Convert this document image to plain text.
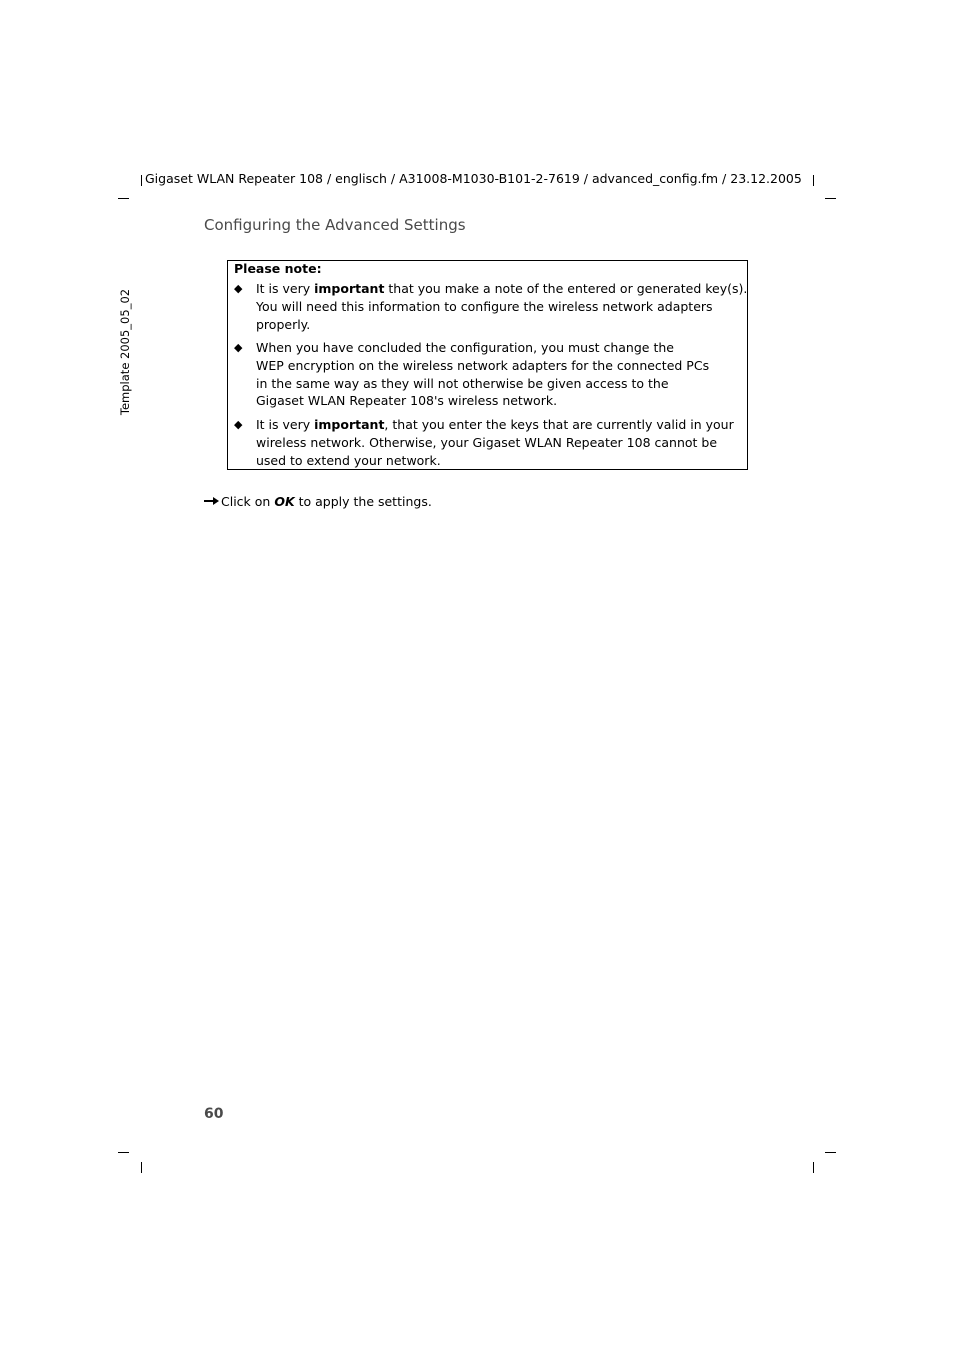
Gigaset WLAN Repeater 108 / englisch / A31008-M1030-B101-2-7619 / advanced_config.fm / 23.12.2005
Template 2005_05_02
Configuring the Advanced Settings
Please note:
◆ It is very important that you make a note of the entered or generated key(s).
You will need this information to configure the wireless network adapters
properly.
◆ When you have concluded the configuration, you must change the
WEP encryption on the wireless network adapters for the connected PCs
in the same way as they will not otherwise be given access to the
Gigaset WLAN Repeater 108's wireless network.
◆ It is very important, that you enter the keys that are currently valid in your
wireless network. Otherwise, your Gigaset WLAN Repeater 108 cannot be
used to extend your network.
Click on OK to apply the settings.
60
